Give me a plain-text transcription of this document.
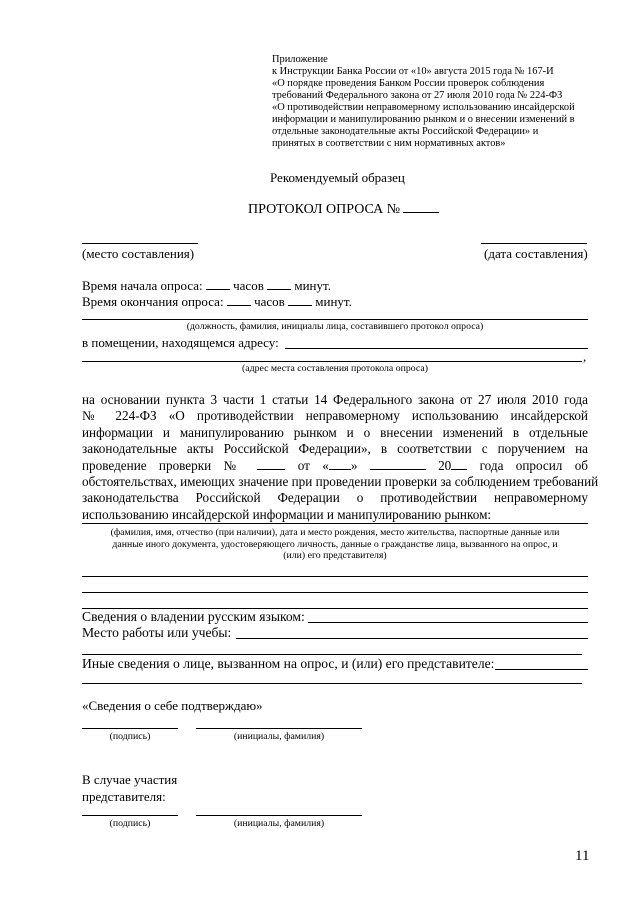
Приложение
к Инструкции Банка России от «10» августа 2015 года № 167-И
«О порядке проведения Банком России проверок соблюдения
требований Федерального закона от 27 июля 2010 года № 224-ФЗ
«О противодействии неправомерному использованию инсайдерской
информации и манипулированию рынком и о внесении изменений в
отдельные законодательные акты Российской Федерации» и
принятых в соответствии с ним нормативных актов»
Рекомендуемый образец
ПРОТОКОЛ ОПРОСА №
(место составления)	(дата составления)
Время начала опроса: часов минут.
Время окончания опроса: часов минут.
(должность, фамилия, инициалы лица, составившего протокол опроса)
в помещении, находящемся адресу:
,
(адрес места составления протокола опроса)
на основании пункта 3 части 1 статьи 14 Федерального закона от 27 июля 2010 года
№ 224-ФЗ «О противодействии неправомерному использованию инсайдерской
информации и манипулированию рынком и о внесении изменений в отдельные
законодательные акты Российской Федерации», в соответствии с поручением на
проведение проверки №	от « »	20 года опросил об
обстоятельствах, имеющих значение при проведении проверки за соблюдением требований
законодательства Российской Федерации о противодействии неправомерному
использованию инсайдерской информации и манипулированию рынком:
(фамилия, имя, отчество (при наличии), дата и место рождения, место жительства, паспортные данные или
данные иного документа, удостоверяющего личность, данные о гражданстве лица, вызванного на опрос, и
(или) его представителя)
Сведения о владении русским языком:
Место работы или учебы:
Иные сведения о лице, вызванном на опрос, и (или) его представителе:
«Сведения о себе подтверждаю»
(подпись)	(инициалы, фамилия)
В случае участия
представителя:
(подпись)	(инициалы, фамилия)
11
